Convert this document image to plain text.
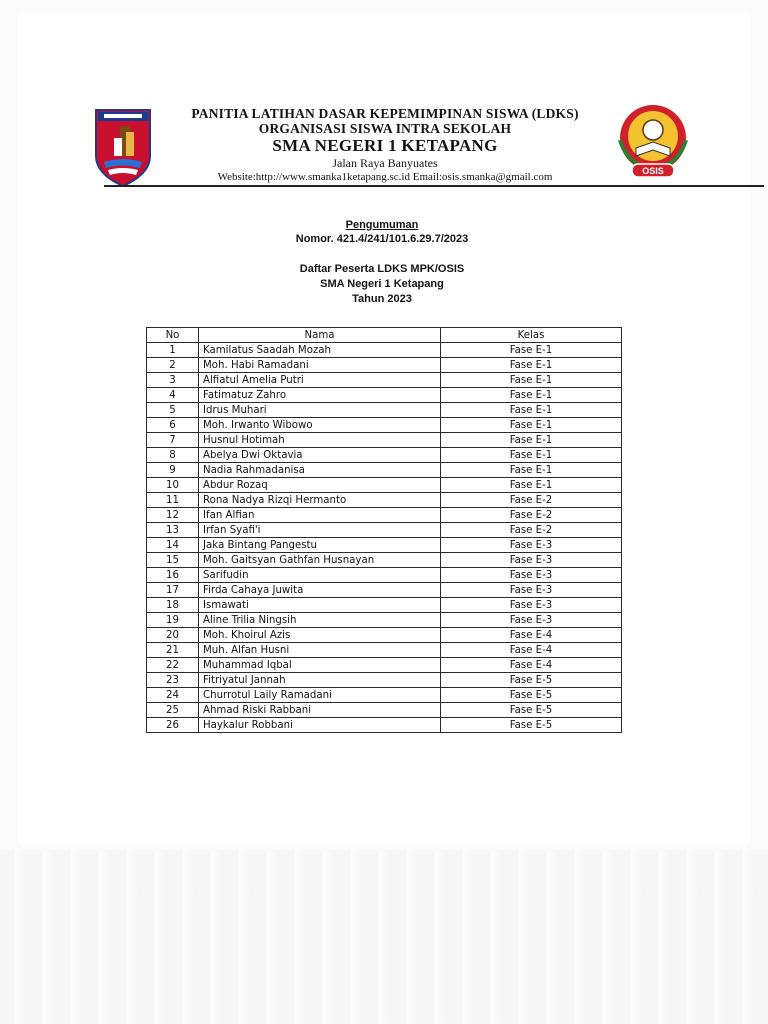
OSIS
PANITIA LATIHAN DASAR KEPEMIMPINAN SISWA (LDKS)
ORGANISASI SISWA INTRA SEKOLAH
SMA NEGERI 1 KETAPANG
Jalan Raya Banyuates
Website:http://www.smanka1ketapang.sc.id Email:osis.smanka@gmail.com
Pengumuman
Nomor. 421.4/241/101.6.29.7/2023
Daftar Peserta LDKS MPK/OSIS
SMA Negeri 1 Ketapang
Tahun 2023
No	Nama	Kelas
1	Kamilatus Saadah Mozah	Fase E-1
2	Moh. Habi Ramadani	Fase E-1
3	Alfiatul Amelia Putri	Fase E-1
4	Fatimatuz Zahro	Fase E-1
5	Idrus Muhari	Fase E-1
6	Moh. Irwanto Wibowo	Fase E-1
7	Husnul Hotimah	Fase E-1
8	Abelya Dwi Oktavia	Fase E-1
9	Nadia Rahmadanisa	Fase E-1
10	Abdur Rozaq	Fase E-1
11	Rona Nadya Rizqi Hermanto	Fase E-2
12	Ifan Alfian	Fase E-2
13	Irfan Syafi'i	Fase E-2
14	Jaka Bintang Pangestu	Fase E-3
15	Moh. Gaitsyan Gathfan Husnayan	Fase E-3
16	Sarifudin	Fase E-3
17	Firda Cahaya Juwita	Fase E-3
18	Ismawati	Fase E-3
19	Aline Trilia Ningsih	Fase E-3
20	Moh. Khoirul Azis	Fase E-4
21	Muh. Alfan Husni	Fase E-4
22	Muhammad Iqbal	Fase E-4
23	Fitriyatul Jannah	Fase E-5
24	Churrotul Laily Ramadani	Fase E-5
25	Ahmad Riski Rabbani	Fase E-5
26	Haykalur Robbani	Fase E-5
